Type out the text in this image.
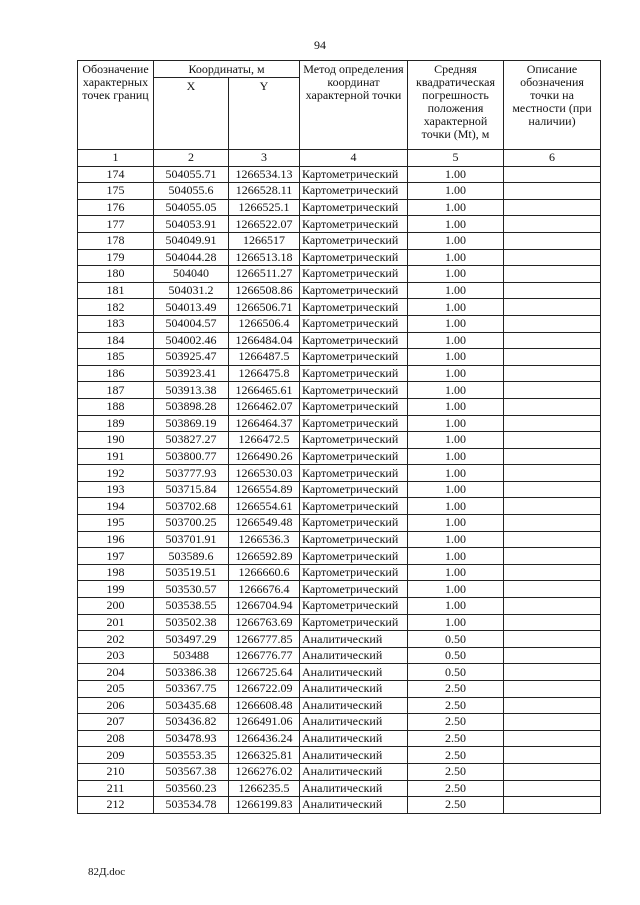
94
Обозначение характерных точек границ	Координаты, м		Метод определения координат характерной точки	Средняя квадратическая погрешность положения характерной точки (Mt), м	Описание обозначения точки на местности (при наличии)
	X	Y			
1	2	3	4	5	6
174	504055.71	1266534.13	Картометрический	1.00	
175	504055.6	1266528.11	Картометрический	1.00	
176	504055.05	1266525.1	Картометрический	1.00	
177	504053.91	1266522.07	Картометрический	1.00	
178	504049.91	1266517	Картометрический	1.00	
179	504044.28	1266513.18	Картометрический	1.00	
180	504040	1266511.27	Картометрический	1.00	
181	504031.2	1266508.86	Картометрический	1.00	
182	504013.49	1266506.71	Картометрический	1.00	
183	504004.57	1266506.4	Картометрический	1.00	
184	504002.46	1266484.04	Картометрический	1.00	
185	503925.47	1266487.5	Картометрический	1.00	
186	503923.41	1266475.8	Картометрический	1.00	
187	503913.38	1266465.61	Картометрический	1.00	
188	503898.28	1266462.07	Картометрический	1.00	
189	503869.19	1266464.37	Картометрический	1.00	
190	503827.27	1266472.5	Картометрический	1.00	
191	503800.77	1266490.26	Картометрический	1.00	
192	503777.93	1266530.03	Картометрический	1.00	
193	503715.84	1266554.89	Картометрический	1.00	
194	503702.68	1266554.61	Картометрический	1.00	
195	503700.25	1266549.48	Картометрический	1.00	
196	503701.91	1266536.3	Картометрический	1.00	
197	503589.6	1266592.89	Картометрический	1.00	
198	503519.51	1266660.6	Картометрический	1.00	
199	503530.57	1266676.4	Картометрический	1.00	
200	503538.55	1266704.94	Картометрический	1.00	
201	503502.38	1266763.69	Картометрический	1.00	
202	503497.29	1266777.85	Аналитический	0.50	
203	503488	1266776.77	Аналитический	0.50	
204	503386.38	1266725.64	Аналитический	0.50	
205	503367.75	1266722.09	Аналитический	2.50	
206	503435.68	1266608.48	Аналитический	2.50	
207	503436.82	1266491.06	Аналитический	2.50	
208	503478.93	1266436.24	Аналитический	2.50	
209	503553.35	1266325.81	Аналитический	2.50	
210	503567.38	1266276.02	Аналитический	2.50	
211	503560.23	1266235.5	Аналитический	2.50	
212	503534.78	1266199.83	Аналитический	2.50	
82Д.doc
